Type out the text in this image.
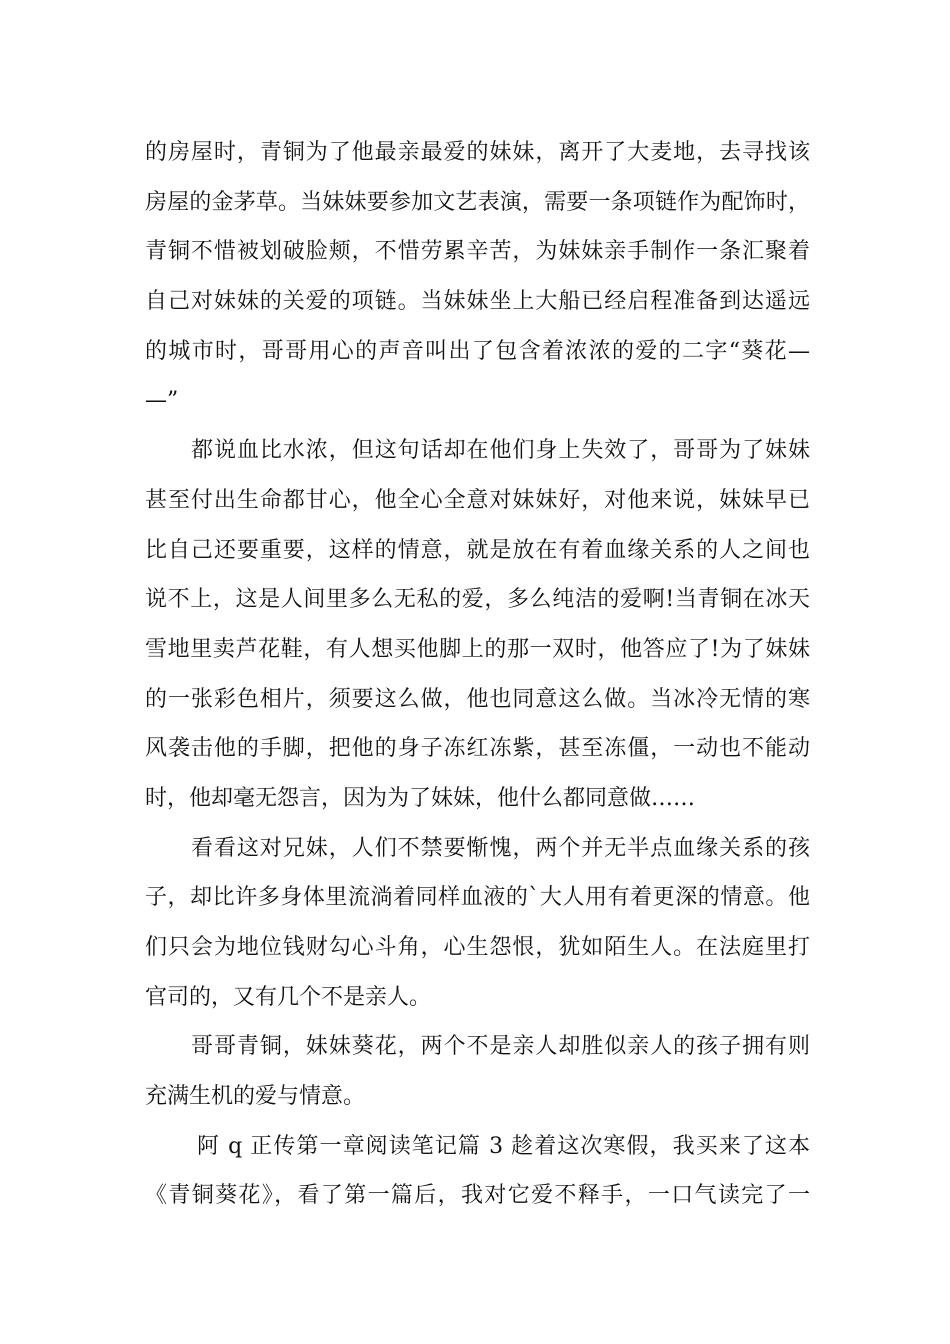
的房屋时，青铜为了他最亲最爱的妹妹，离开了大麦地，去寻找该
房屋的金茅草。当妹妹要参加文艺表演，需要一条项链作为配饰时，
青铜不惜被划破脸颊，不惜劳累辛苦，为妹妹亲手制作一条汇聚着
自己对妹妹的关爱的项链。当妹妹坐上大船已经启程准备到达遥远
的城市时，哥哥用心的声音叫出了包含着浓浓的爱的二字“葵花—
—”
都说血比水浓，但这句话却在他们身上失效了，哥哥为了妹妹
甚至付出生命都甘心，他全心全意对妹妹好，对他来说，妹妹早已
比自己还要重要，这样的情意，就是放在有着血缘关系的人之间也
说不上，这是人间里多么无私的爱，多么纯洁的爱啊!当青铜在冰天
雪地里卖芦花鞋，有人想买他脚上的那一双时，他答应了!为了妹妹
的一张彩色相片，须要这么做，他也同意这么做。当冰冷无情的寒
风袭击他的手脚，把他的身子冻红冻紫，甚至冻僵，一动也不能动
时，他却毫无怨言，因为为了妹妹，他什么都同意做……
看看这对兄妹，人们不禁要惭愧，两个并无半点血缘关系的孩
子，却比许多身体里流淌着同样血液的`大人用有着更深的情意。他
们只会为地位钱财勾心斗角，心生怨恨，犹如陌生人。在法庭里打
官司的，又有几个不是亲人。
哥哥青铜，妹妹葵花，两个不是亲人却胜似亲人的孩子拥有则
充满生机的爱与情意。
阿 q 正传第一章阅读笔记篇 3 趁着这次寒假，我买来了这本
《青铜葵花》，看了第一篇后，我对它爱不释手，一口气读完了一
